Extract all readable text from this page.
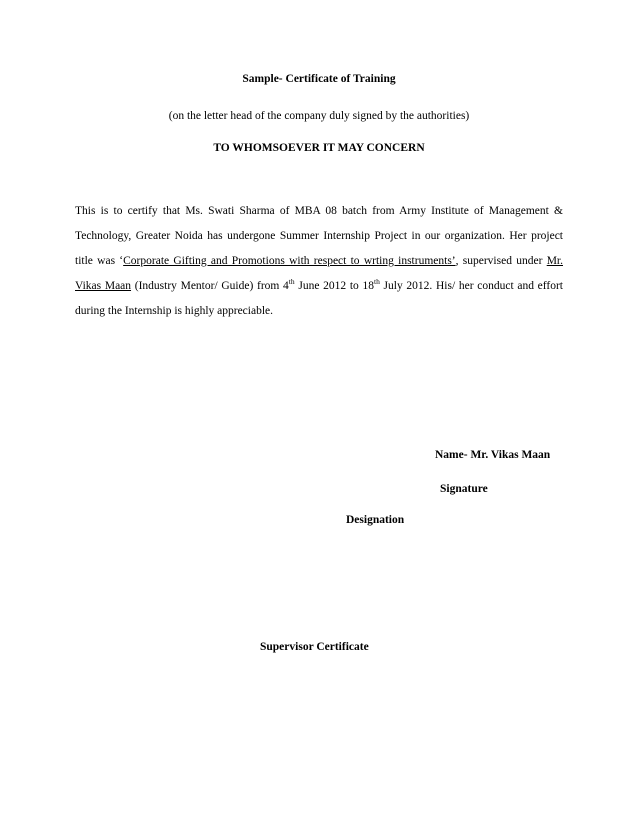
Sample- Certificate of Training

(on the letter head of the company duly signed by the authorities)

TO WHOMSOEVER IT MAY CONCERN

This is to certify that Ms. Swati Sharma of MBA 08 batch from Army Institute of Management & Technology, Greater Noida has undergone Summer Internship Project in our organization. Her project title was ‘Corporate Gifting and Promotions with respect to wrting instruments’, supervised under Mr. Vikas Maan (Industry Mentor/ Guide) from 4th June 2012 to 18th July 2012. His/ her conduct and effort during the Internship is highly appreciable.

Name- Mr. Vikas Maan

Signature

Designation

Supervisor Certificate
